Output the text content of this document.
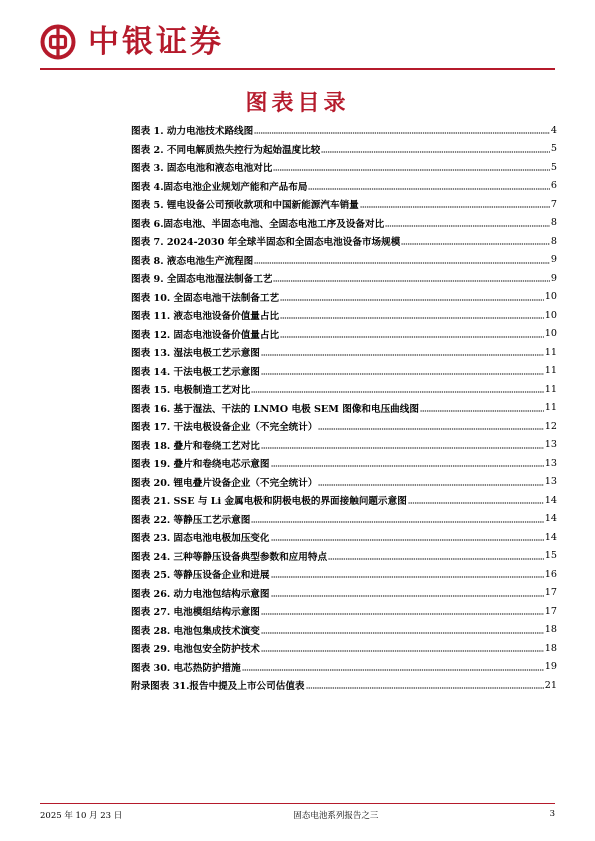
中银证券
图表目录
图表 1. 动力电池技术路线图	4
图表 2. 不同电解质热失控行为起始温度比较	5
图表 3. 固态电池和液态电池对比	5
图表 4.固态电池企业规划产能和产品布局	6
图表 5. 锂电设备公司预收款项和中国新能源汽车销量	7
图表 6.固态电池、半固态电池、全固态电池工序及设备对比	8
图表 7. 2024-2030 年全球半固态和全固态电池设备市场规模	8
图表 8. 液态电池生产流程图	9
图表 9. 全固态电池湿法制备工艺	9
图表 10. 全固态电池干法制备工艺	10
图表 11. 液态电池设备价值量占比	10
图表 12. 固态电池设备价值量占比	10
图表 13. 湿法电极工艺示意图	11
图表 14. 干法电极工艺示意图	11
图表 15. 电极制造工艺对比	11
图表 16. 基于湿法、干法的 LNMO 电极 SEM 图像和电压曲线图	11
图表 17. 干法电极设备企业（不完全统计）	12
图表 18. 叠片和卷绕工艺对比	13
图表 19. 叠片和卷绕电芯示意图	13
图表 20. 锂电叠片设备企业（不完全统计）	13
图表 21. SSE 与 Li 金属电极和阴极电极的界面接触问题示意图	14
图表 22. 等静压工艺示意图	14
图表 23. 固态电池电极加压变化	14
图表 24. 三种等静压设备典型参数和应用特点	15
图表 25. 等静压设备企业和进展	16
图表 26. 动力电池包结构示意图	17
图表 27. 电池模组结构示意图	17
图表 28. 电池包集成技术演变	18
图表 29. 电池包安全防护技术	18
图表 30. 电芯热防护措施	19
附录图表 31.报告中提及上市公司估值表	21
2025 年 10 月 23 日	固态电池系列报告之三	3
